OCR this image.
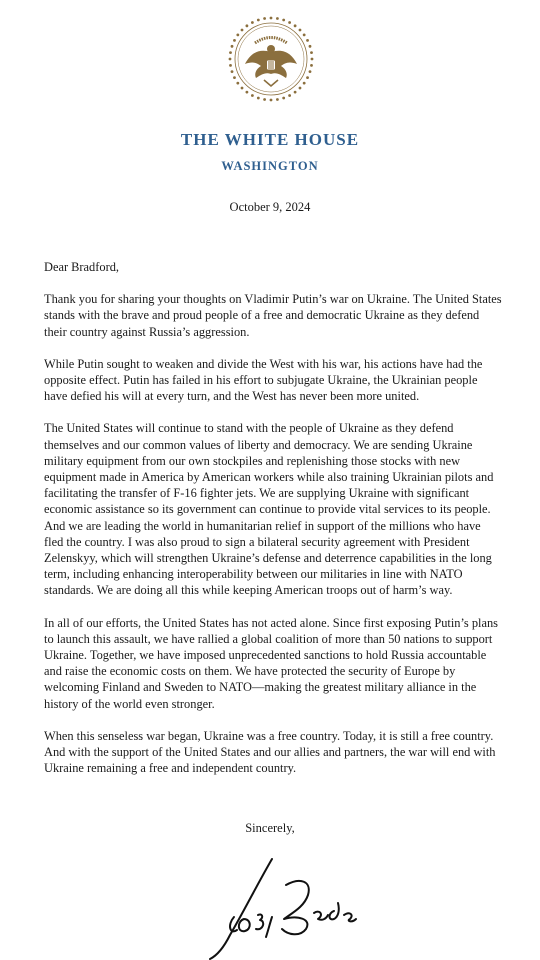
THE WHITE HOUSE
WASHINGTON
October 9, 2024

Dear Bradford,

Thank you for sharing your thoughts on Vladimir Putin’s war on Ukraine. The United States stands with the brave and proud people of a free and democratic Ukraine as they defend their country against Russia’s aggression.

While Putin sought to weaken and divide the West with his war, his actions have had the opposite effect. Putin has failed in his effort to subjugate Ukraine, the Ukrainian people have defied his will at every turn, and the West has never been more united.

The United States will continue to stand with the people of Ukraine as they defend themselves and our common values of liberty and democracy. We are sending Ukraine military equipment from our own stockpiles and replenishing those stocks with new equipment made in America by American workers while also training Ukrainian pilots and facilitating the transfer of F-16 fighter jets. We are supplying Ukraine with significant economic assistance so its government can continue to provide vital services to its people. And we are leading the world in humanitarian relief in support of the millions who have fled the country. I was also proud to sign a bilateral security agreement with President Zelenskyy, which will strengthen Ukraine’s defense and deterrence capabilities in the long term, including enhancing interoperability between our militaries in line with NATO standards. We are doing all this while keeping American troops out of harm’s way.

In all of our efforts, the United States has not acted alone. Since first exposing Putin’s plans to launch this assault, we have rallied a global coalition of more than 50 nations to support Ukraine. Together, we have imposed unprecedented sanctions to hold Russia accountable and raise the economic costs on them. We have protected the security of Europe by welcoming Finland and Sweden to NATO—making the greatest military alliance in the history of the world even stronger.

When this senseless war began, Ukraine was a free country. Today, it is still a free country. And with the support of the United States and our allies and partners, the war will end with Ukraine remaining a free and independent country.

Sincerely,
